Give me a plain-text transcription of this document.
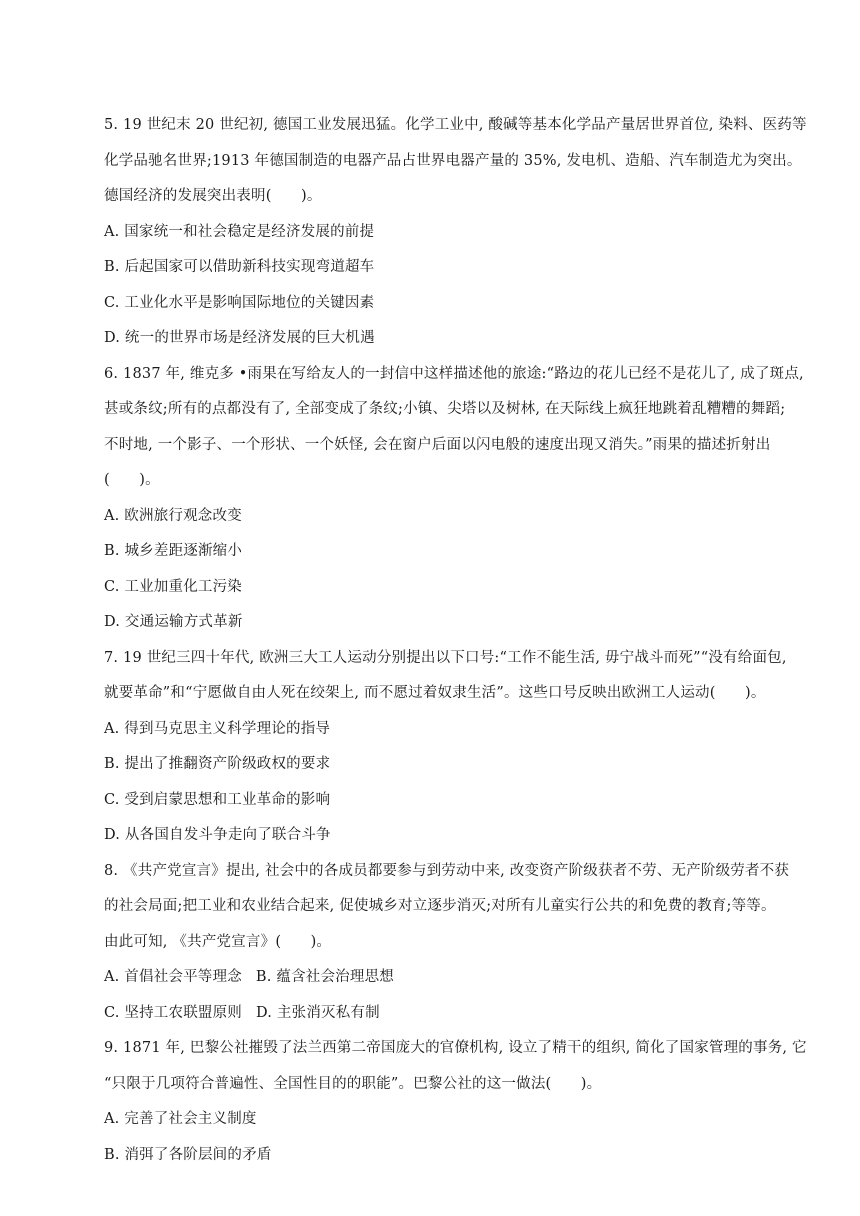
5. 19 世纪末 20 世纪初, 德国工业发展迅猛。化学工业中, 酸碱等基本化学品产量居世界首位, 染料、医药等
化学品驰名世界;1913 年德国制造的电器产品占世界电器产量的 35%, 发电机、造船、汽车制造尤为突出。
德国经济的发展突出表明(　　)。
A. 国家统一和社会稳定是经济发展的前提
B. 后起国家可以借助新科技实现弯道超车
C. 工业化水平是影响国际地位的关键因素
D. 统一的世界市场是经济发展的巨大机遇
6. 1837 年, 维克多 •雨果在写给友人的一封信中这样描述他的旅途:“路边的花儿已经不是花儿了, 成了斑点,
甚或条纹;所有的点都没有了, 全部变成了条纹;小镇、尖塔以及树林, 在天际线上疯狂地跳着乱糟糟的舞蹈;
不时地, 一个影子、一个形状、一个妖怪, 会在窗户后面以闪电般的速度出现又消失。”雨果的描述折射出
(　　)。
A. 欧洲旅行观念改变
B. 城乡差距逐渐缩小
C. 工业加重化工污染
D. 交通运输方式革新
7. 19 世纪三四十年代, 欧洲三大工人运动分别提出以下口号:“工作不能生活, 毋宁战斗而死”“没有给面包,
就要革命”和“宁愿做自由人死在绞架上, 而不愿过着奴隶生活”。这些口号反映出欧洲工人运动(　　)。
A. 得到马克思主义科学理论的指导
B. 提出了推翻资产阶级政权的要求
C. 受到启蒙思想和工业革命的影响
D. 从各国自发斗争走向了联合斗争
8. 《共产党宣言》提出, 社会中的各成员都要参与到劳动中来, 改变资产阶级获者不劳、无产阶级劳者不获
的社会局面;把工业和农业结合起来, 促使城乡对立逐步消灭;对所有儿童实行公共的和免费的教育;等等。
由此可知, 《共产党宣言》(　　)。
A. 首倡社会平等理念 B. 蕴含社会治理思想
C. 坚持工农联盟原则 D. 主张消灭私有制
9. 1871 年, 巴黎公社摧毁了法兰西第二帝国庞大的官僚机构, 设立了精干的组织, 简化了国家管理的事务, 它
“只限于几项符合普遍性、全国性目的的职能”。巴黎公社的这一做法(　　)。
A. 完善了社会主义制度
B. 消弭了各阶层间的矛盾
